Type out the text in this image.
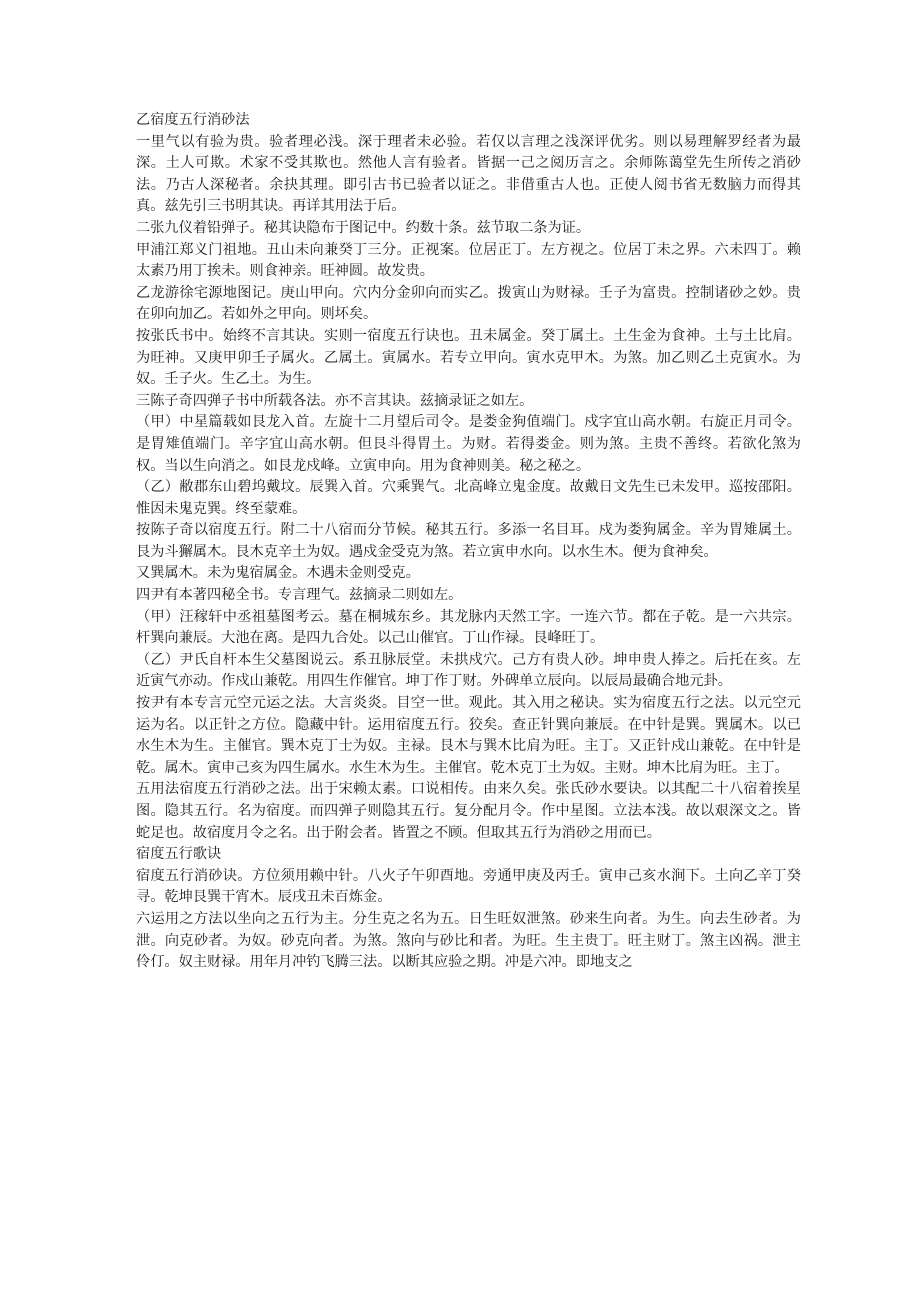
乙宿度五行消砂法

一里气以有验为贵。验者理必浅。深于理者未必验。若仅以言理之浅深评优劣。则以易理解罗经者为最深。土人可欺。术家不受其欺也。然他人言有验者。皆据一己之阅历言之。余师陈蔼堂先生所传之消砂法。乃古人深秘者。余抉其理。即引古书已验者以证之。非借重古人也。正使人阅书省无数脑力而得其真。兹先引三书明其诀。再详其用法于后。

二张九仪着铅弹子。秘其诀隐布于图记中。约数十条。兹节取二条为证。

甲浦江郑义门祖地。丑山未向兼癸丁三分。正视案。位居正丁。左方视之。位居丁未之界。六未四丁。赖太素乃用丁挨未。则食神亲。旺神圆。故发贵。

乙龙游徐宅源地图记。庚山甲向。穴内分金卯向而实乙。拨寅山为财禄。壬子为富贵。控制诸砂之妙。贵在卯向加乙。若如外之甲向。则坏矣。

按张氏书中。始终不言其诀。实则一宿度五行诀也。丑未属金。癸丁属土。土生金为食神。土与土比肩。为旺神。又庚甲卯壬子属火。乙属土。寅属水。若专立甲向。寅水克甲木。为煞。加乙则乙土克寅水。为奴。壬子火。生乙土。为生。

三陈子奇四弹子书中所载各法。亦不言其诀。兹摘录证之如左。

（甲）中星篇载如艮龙入首。左旋十二月望后司令。是娄金狗值端门。戍字宜山高水朝。右旋正月司令。是胃雉值端门。辛字宜山高水朝。但艮斗得胃土。为财。若得娄金。则为煞。主贵不善终。若欲化煞为权。当以生向消之。如艮龙戍峰。立寅申向。用为食神则美。秘之秘之。

（乙）敝郡东山碧坞戴坟。辰巽入首。穴乘巽气。北高峰立鬼金度。故戴日文先生已未发甲。巡按邵阳。惟因未鬼克巽。终至蒙难。

按陈子奇以宿度五行。附二十八宿而分节候。秘其五行。多添一名目耳。戍为娄狗属金。辛为胃雉属土。艮为斗獬属木。艮木克辛土为奴。遇戍金受克为煞。若立寅申水向。以水生木。便为食神矣。

又巽属木。未为鬼宿属金。木遇未金则受克。

四尹有本著四秘全书。专言理气。兹摘录二则如左。

（甲）汪稼轩中丞祖墓图考云。墓在桐城东乡。其龙脉内天然工字。一连六节。都在子乾。是一六共宗。杆巽向兼辰。大池在离。是四九合处。以己山催官。丁山作禄。艮峰旺丁。

（乙）尹氏自杆本生父墓图说云。系丑脉辰堂。未拱戍穴。己方有贵人砂。坤申贵人捧之。后托在亥。左近寅气亦动。作戍山兼乾。用四生作催官。坤丁作丁财。外碑单立辰向。以辰局最确合地元卦。

按尹有本专言元空元运之法。大言炎炎。目空一世。观此。其入用之秘诀。实为宿度五行之法。以元空元运为名。以正针之方位。隐藏中针。运用宿度五行。狡矣。查正针巽向兼辰。在中针是巽。巽属木。以已水生木为生。主催官。巽木克丁士为奴。主禄。艮木与巽木比肩为旺。主丁。又正针戍山兼乾。在中针是乾。属木。寅申己亥为四生属水。水生木为生。主催官。乾木克丁土为奴。主财。坤木比肩为旺。主丁。

五用法宿度五行消砂之法。出于宋赖太素。口说相传。由来久矣。张氏砂水要诀。以其配二十八宿着挨星图。隐其五行。名为宿度。而四弹子则隐其五行。复分配月令。作中星图。立法本浅。故以艰深文之。皆蛇足也。故宿度月令之名。出于附会者。皆置之不顾。但取其五行为消砂之用而已。

宿度五行歌诀

宿度五行消砂诀。方位须用赖中针。八火子午卯酉地。旁通甲庚及丙壬。寅申己亥水涧下。土向乙辛丁癸寻。乾坤艮巽干宵木。辰戌丑未百炼金。

六运用之方法以坐向之五行为主。分生克之名为五。日生旺奴泄煞。砂来生向者。为生。向去生砂者。为泄。向克砂者。为奴。砂克向者。为煞。煞向与砂比和者。为旺。生主贵丁。旺主财丁。煞主凶祸。泄主伶仃。奴主财禄。用年月冲钓飞腾三法。以断其应验之期。冲是六冲。即地支之
